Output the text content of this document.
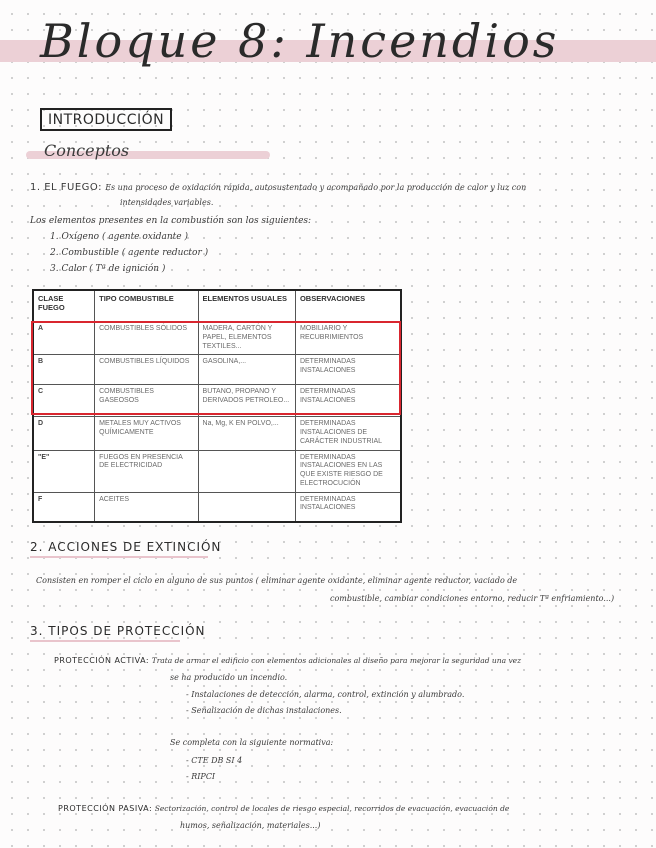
Bloque 8: Incendios
INTRODUCCIÓN
Conceptos
1. EL FUEGO: Es una proceso de oxidación rápida, autosustentado y acompañado por la producción de calor y luz con
intensidades variables.
Los elementos presentes en la combustión son los siguientes:
1. Oxígeno ( agente oxidante )
2. Combustible ( agente reductor )
3. Calor ( Tª de ignición )
CLASE FUEGO	TIPO COMBUSTIBLE	ELEMENTOS USUALES	OBSERVACIONES
A	COMBUSTIBLES SÓLIDOS	MADERA, CARTÓN Y PAPEL, ELEMENTOS TEXTILES...	MOBILIARIO Y RECUBRIMIENTOS
B	COMBUSTIBLES LÍQUIDOS	GASOLINA,...	DETERMINADAS INSTALACIONES
C	COMBUSTIBLES GASEOSOS	BUTANO, PROPANO Y DERIVADOS PETROLEO...	DETERMINADAS INSTALACIONES
D	METALES MUY ACTIVOS QUÍMICAMENTE	Na, Mg, K EN POLVO,...	DETERMINADAS INSTALACIONES DE CARÁCTER INDUSTRIAL
"E"	FUEGOS EN PRESENCIA DE ELECTRICIDAD		DETERMINADAS INSTALACIONES EN LAS QUE EXISTE RIESGO DE ELECTROCUCIÓN
F	ACEITES		DETERMINADAS INSTALACIONES
2. ACCIONES DE EXTINCIÓN
Consisten en romper el ciclo en alguno de sus puntos ( eliminar agente oxidante, eliminar agente reductor, vaciado de
combustible, cambiar condiciones entorno, reducir Tª enfriamiento...)
3. TIPOS DE PROTECCIÓN
PROTECCIÓN ACTIVA: Trata de armar el edificio con elementos adicionales al diseño para mejorar la seguridad una vez
se ha producido un incendio.
- Instalaciones de detección, alarma, control, extinción y alumbrado.
- Señalización de dichas instalaciones.
Se completa con la siguiente normativa:
- CTE DB SI 4
- RIPCI
PROTECCIÓN PASIVA: Sectorización, control de locales de riesgo especial, recorridos de evacuación, evacuación de
humos, señalización, materiales...)
